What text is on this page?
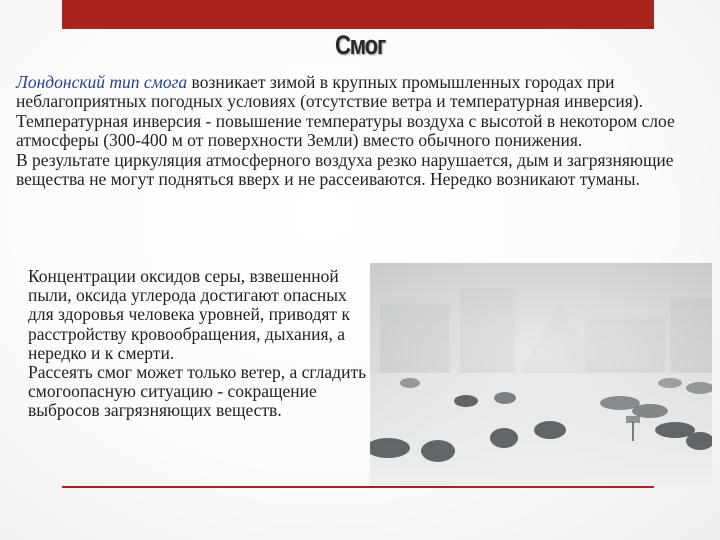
Смог

Лондонский тип смога возникает зимой в крупных промышленных городах при неблагоприятных погодных условиях (отсутствие ветра и температурная инверсия).

Температурная инверсия - повышение температуры воздуха с высотой в некотором слое атмосферы (300-400 м от поверхности Земли) вместо обычного понижения.

В результате циркуляция атмосферного воздуха резко нарушается, дым и загрязняющие вещества не могут подняться вверх и не рассеиваются. Нередко возникают туманы.

Концентрации оксидов серы, взвешенной пыли, оксида углерода достигают опасных для здоровья человека уровней, приводят к расстройству кровообращения, дыхания, а нередко и к смерти.

Рассеять смог может только ветер, а сгладить смогоопасную ситуацию - сокращение выбросов загрязняющих веществ.
